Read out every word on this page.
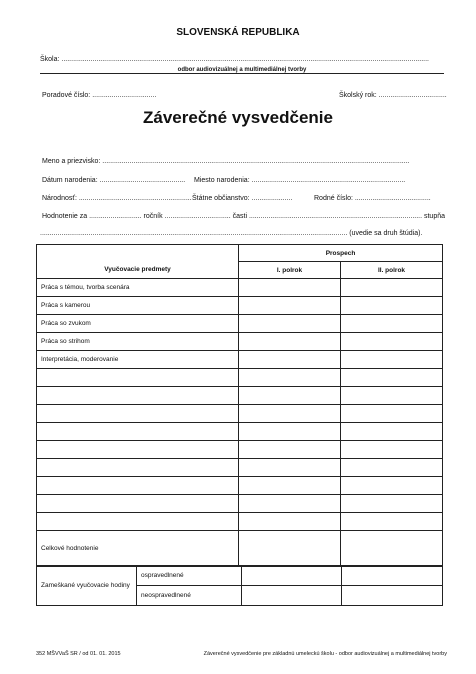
SLOVENSKÁ REPUBLIKA
Škola: .............................................................................................................................................................................................
odbor audiovizuálnej a multimediálnej tvorby
Poradové číslo: .................................	Školský rok: ...................................
Záverečné vysvedčenie
Meno a priezvisko: ..............................................................................................................................................................
Dátum narodenia: ............................................ Miesto narodenia: ...............................................................................
Národnosť: .......................................................... Štátne občianstvo: .....................	Rodné číslo: .......................................
Hodnotenie za ........................... ročník .................................. časti ......................................................................................... stupňa
.............................................................................................................................................................. (uvedie sa druh štúdia).
	Prospech	
Vyučovacie predmety	I. polrok	II. polrok
Práca s témou, tvorba scenára		
Práca s kamerou		
Práca so zvukom		
Práca so strihom		
Interpretácia, moderovanie		

Celkové hodnotenie		
Zameškané vyučovacie hodiny	ospravedlnené		
	neospravedlnené		
352 MŠVVaŠ SR / od 01. 01. 2015	Záverečné vysvedčenie pre základnú umeleckú školu - odbor audiovizuálnej a multimediálnej tvorby
